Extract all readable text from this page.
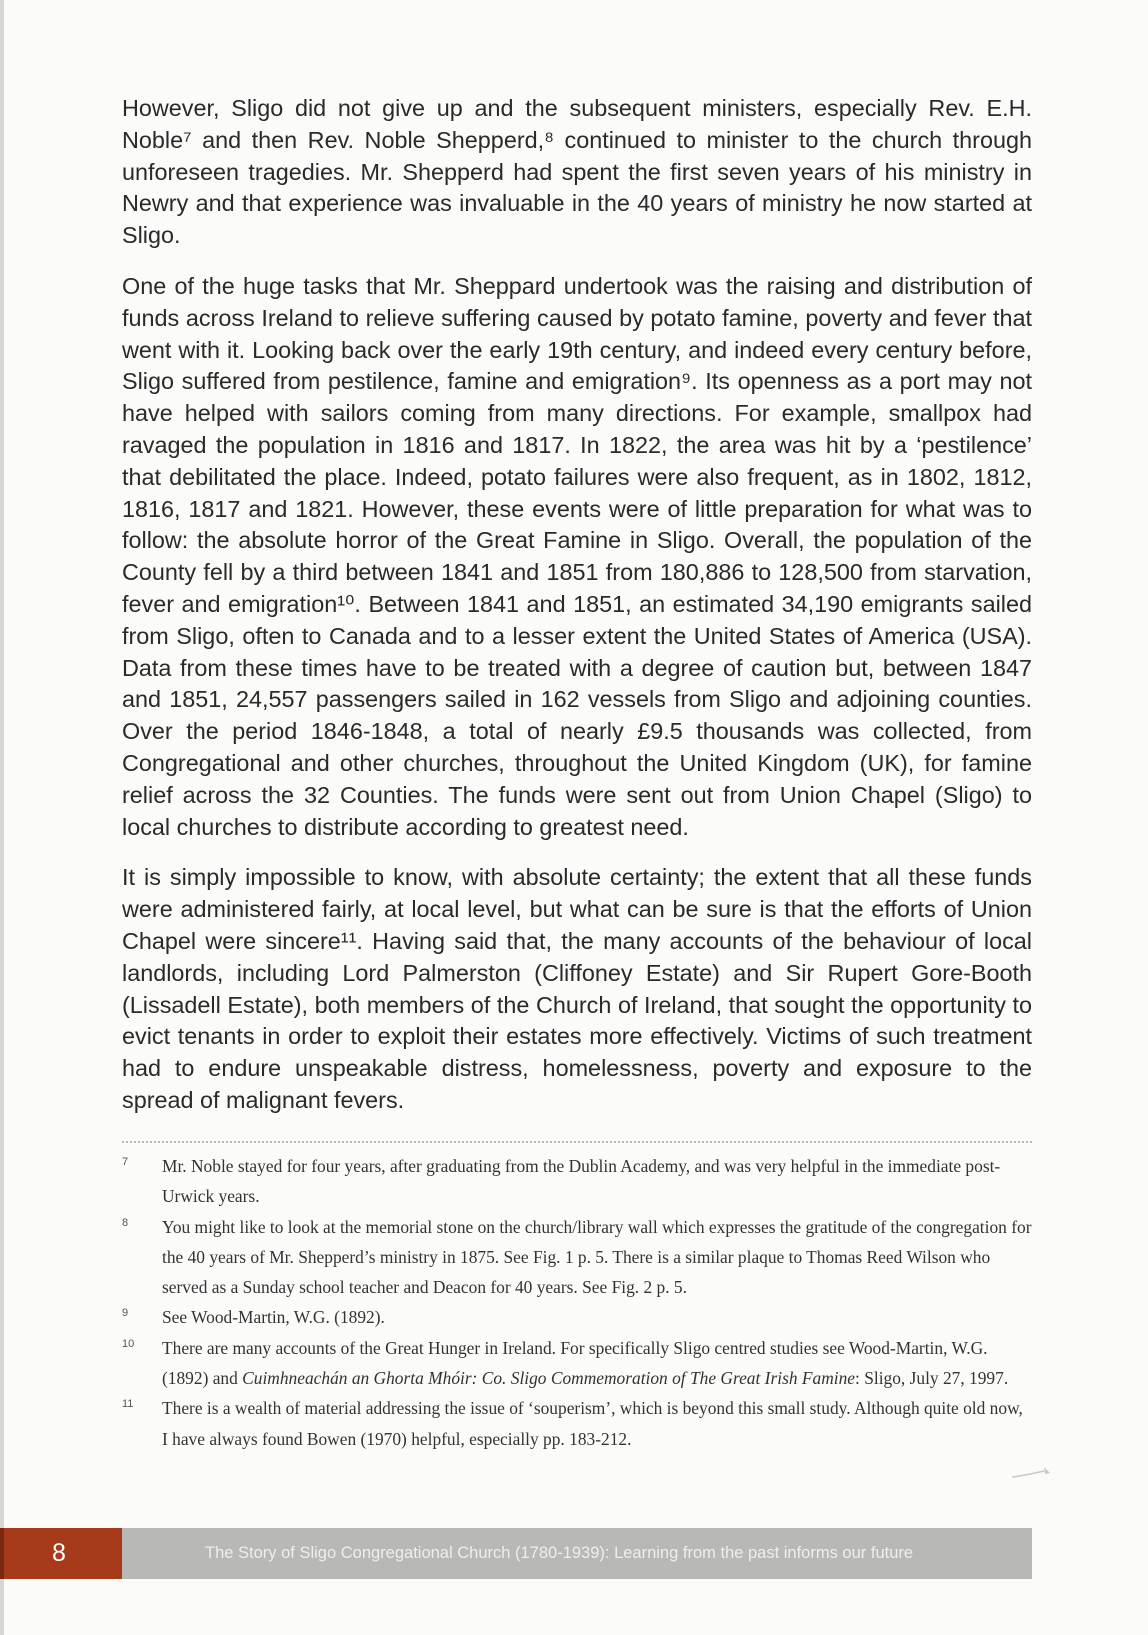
However, Sligo did not give up and the subsequent ministers, especially Rev. E.H. Noble⁷ and then Rev. Noble Shepperd,⁸ continued to minister to the church through unforeseen tragedies. Mr. Shepperd had spent the first seven years of his ministry in Newry and that experience was invaluable in the 40 years of ministry he now started at Sligo.

One of the huge tasks that Mr. Sheppard undertook was the raising and distribution of funds across Ireland to relieve suffering caused by potato famine, poverty and fever that went with it. Looking back over the early 19th century, and indeed every century before, Sligo suffered from pestilence, famine and emigration⁹. Its openness as a port may not have helped with sailors coming from many directions. For example, smallpox had ravaged the population in 1816 and 1817. In 1822, the area was hit by a ‘pestilence’ that debilitated the place. Indeed, potato failures were also frequent, as in 1802, 1812, 1816, 1817 and 1821. However, these events were of little preparation for what was to follow: the absolute horror of the Great Famine in Sligo. Overall, the population of the County fell by a third between 1841 and 1851 from 180,886 to 128,500 from starvation, fever and emigration¹⁰. Between 1841 and 1851, an estimated 34,190 emigrants sailed from Sligo, often to Canada and to a lesser extent the United States of America (USA). Data from these times have to be treated with a degree of caution but, between 1847 and 1851, 24,557 passengers sailed in 162 vessels from Sligo and adjoining counties. Over the period 1846-1848, a total of nearly £9.5 thousands was collected, from Congregational and other churches, throughout the United Kingdom (UK), for famine relief across the 32 Counties. The funds were sent out from Union Chapel (Sligo) to local churches to distribute according to greatest need.

It is simply impossible to know, with absolute certainty; the extent that all these funds were administered fairly, at local level, but what can be sure is that the efforts of Union Chapel were sincere¹¹. Having said that, the many accounts of the behaviour of local landlords, including Lord Palmerston (Cliffoney Estate) and Sir Rupert Gore-Booth (Lissadell Estate), both members of the Church of Ireland, that sought the opportunity to evict tenants in order to exploit their estates more effectively. Victims of such treatment had to endure unspeakable distress, homelessness, poverty and exposure to the spread of malignant fevers.

7 Mr. Noble stayed for four years, after graduating from the Dublin Academy, and was very helpful in the immediate post-Urwick years.
8 You might like to look at the memorial stone on the church/library wall which expresses the gratitude of the congregation for the 40 years of Mr. Shepperd’s ministry in 1875. See Fig. 1 p. 5. There is a similar plaque to Thomas Reed Wilson who served as a Sunday school teacher and Deacon for 40 years. See Fig. 2 p. 5.
9 See Wood-Martin, W.G. (1892).
10 There are many accounts of the Great Hunger in Ireland. For specifically Sligo centred studies see Wood-Martin, W.G. (1892) and Cuimhneachán an Ghorta Mhóir: Co. Sligo Commemoration of The Great Irish Famine: Sligo, July 27, 1997.
11 There is a wealth of material addressing the issue of ‘souperism’, which is beyond this small study. Although quite old now, I have always found Bowen (1970) helpful, especially pp. 183-212.
8	The Story of Sligo Congregational Church (1780-1939): Learning from the past informs our future
